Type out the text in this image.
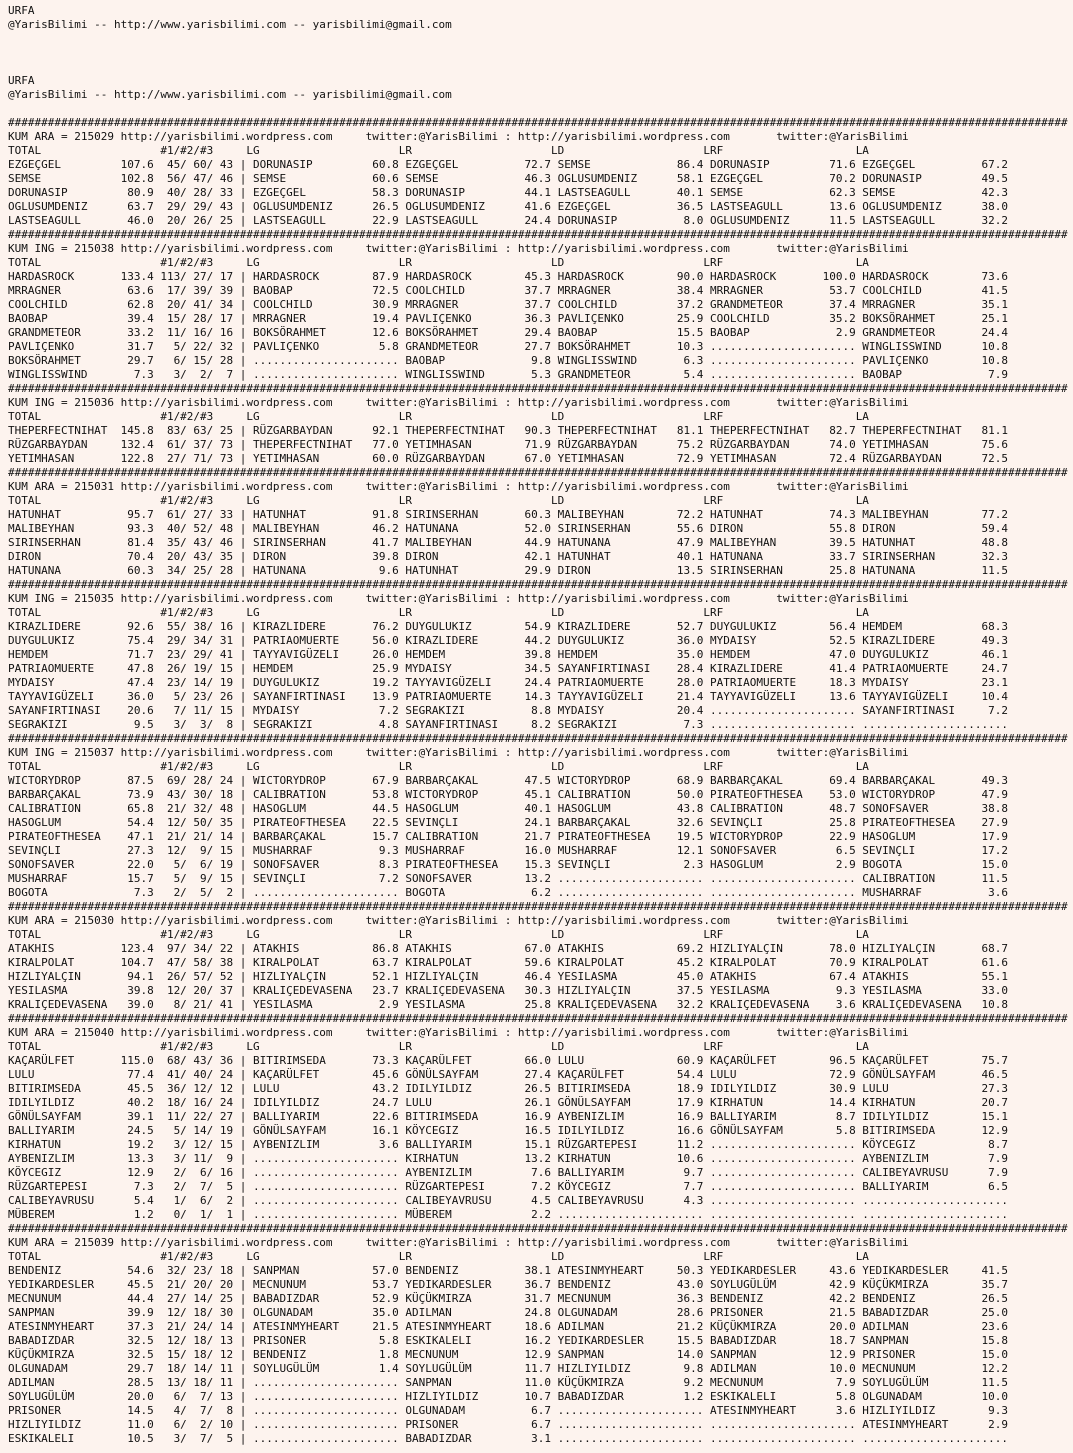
URFA
@YarisBilimi -- http://www.yarisbilimi.com -- yarisbilimi@gmail.com
URFA
@YarisBilimi -- http://www.yarisbilimi.com -- yarisbilimi@gmail.com
################################################################################################################################################################
KUM ARA = 215029 http://yarisbilimi.wordpress.com     twitter:@YarisBilimi : http://yarisbilimi.wordpress.com       twitter:@YarisBilimi
TOTAL                  #1/#2/#3     LG                     LR                     LD                     LRF                    LA
EZGEÇGEL         107.6  45/ 60/ 43 | DORUNASIP         60.8 EZGEÇGEL          72.7 SEMSE             86.4 DORUNASIP         71.6 EZGEÇGEL          67.2
SEMSE            102.8  56/ 47/ 46 | SEMSE             60.6 SEMSE             46.3 OGLUSUMDENIZ      58.1 EZGEÇGEL          70.2 DORUNASIP         49.5
DORUNASIP         80.9  40/ 28/ 33 | EZGEÇGEL          58.3 DORUNASIP         44.1 LASTSEAGULL       40.1 SEMSE             62.3 SEMSE             42.3
OGLUSUMDENIZ      63.7  29/ 29/ 43 | OGLUSUMDENIZ      26.5 OGLUSUMDENIZ      41.6 EZGEÇGEL          36.5 LASTSEAGULL       13.6 OGLUSUMDENIZ      38.0
LASTSEAGULL       46.0  20/ 26/ 25 | LASTSEAGULL       22.9 LASTSEAGULL       24.4 DORUNASIP          8.0 OGLUSUMDENIZ      11.5 LASTSEAGULL       32.2
################################################################################################################################################################
KUM ING = 215038 http://yarisbilimi.wordpress.com     twitter:@YarisBilimi : http://yarisbilimi.wordpress.com       twitter:@YarisBilimi
TOTAL                  #1/#2/#3     LG                     LR                     LD                     LRF                    LA
HARDASROCK       133.4 113/ 27/ 17 | HARDASROCK        87.9 HARDASROCK        45.3 HARDASROCK        90.0 HARDASROCK       100.0 HARDASROCK        73.6
MRRAGNER          63.6  17/ 39/ 39 | BAOBAP            72.5 COOLCHILD         37.7 MRRAGNER          38.4 MRRAGNER          53.7 COOLCHILD         41.5
COOLCHILD         62.8  20/ 41/ 34 | COOLCHILD         30.9 MRRAGNER          37.7 COOLCHILD         37.2 GRANDMETEOR       37.4 MRRAGNER          35.1
BAOBAP            39.4  15/ 28/ 17 | MRRAGNER          19.4 PAVLIÇENKO        36.3 PAVLIÇENKO        25.9 COOLCHILD         35.2 BOKSÖRAHMET       25.1
GRANDMETEOR       33.2  11/ 16/ 16 | BOKSÖRAHMET       12.6 BOKSÖRAHMET       29.4 BAOBAP            15.5 BAOBAP             2.9 GRANDMETEOR       24.4
PAVLIÇENKO        31.7   5/ 22/ 32 | PAVLIÇENKO         5.8 GRANDMETEOR       27.7 BOKSÖRAHMET       10.3 ...................... WINGLISSWIND      10.8
BOKSÖRAHMET       29.7   6/ 15/ 28 | ...................... BAOBAP             9.8 WINGLISSWIND       6.3 ...................... PAVLIÇENKO        10.8
WINGLISSWIND       7.3   3/  2/  7 | ...................... WINGLISSWIND       5.3 GRANDMETEOR        5.4 ...................... BAOBAP             7.9
################################################################################################################################################################
KUM ING = 215036 http://yarisbilimi.wordpress.com     twitter:@YarisBilimi : http://yarisbilimi.wordpress.com       twitter:@YarisBilimi
TOTAL                  #1/#2/#3     LG                     LR                     LD                     LRF                    LA
THEPERFECTNIHAT  145.8  83/ 63/ 25 | RÜZGARBAYDAN      92.1 THEPERFECTNIHAT   90.3 THEPERFECTNIHAT   81.1 THEPERFECTNIHAT   82.7 THEPERFECTNIHAT   81.1
RÜZGARBAYDAN     132.4  61/ 37/ 73 | THEPERFECTNIHAT   77.0 YETIMHASAN        71.9 RÜZGARBAYDAN      75.2 RÜZGARBAYDAN      74.0 YETIMHASAN        75.6
YETIMHASAN       122.8  27/ 71/ 73 | YETIMHASAN        60.0 RÜZGARBAYDAN      67.0 YETIMHASAN        72.9 YETIMHASAN        72.4 RÜZGARBAYDAN      72.5
################################################################################################################################################################
KUM ARA = 215031 http://yarisbilimi.wordpress.com     twitter:@YarisBilimi : http://yarisbilimi.wordpress.com       twitter:@YarisBilimi
TOTAL                  #1/#2/#3     LG                     LR                     LD                     LRF                    LA
HATUNHAT          95.7  61/ 27/ 33 | HATUNHAT          91.8 SIRINSERHAN       60.3 MALIBEYHAN        72.2 HATUNHAT          74.3 MALIBEYHAN        77.2
MALIBEYHAN        93.3  40/ 52/ 48 | MALIBEYHAN        46.2 HATUNANA          52.0 SIRINSERHAN       55.6 DIRON             55.8 DIRON             59.4
SIRINSERHAN       81.4  35/ 43/ 46 | SIRINSERHAN       41.7 MALIBEYHAN        44.9 HATUNANA          47.9 MALIBEYHAN        39.5 HATUNHAT          48.8
DIRON             70.4  20/ 43/ 35 | DIRON             39.8 DIRON             42.1 HATUNHAT          40.1 HATUNANA          33.7 SIRINSERHAN       32.3
HATUNANA          60.3  34/ 25/ 28 | HATUNANA           9.6 HATUNHAT          29.9 DIRON             13.5 SIRINSERHAN       25.8 HATUNANA          11.5
################################################################################################################################################################
KUM ING = 215035 http://yarisbilimi.wordpress.com     twitter:@YarisBilimi : http://yarisbilimi.wordpress.com       twitter:@YarisBilimi
TOTAL                  #1/#2/#3     LG                     LR                     LD                     LRF                    LA
KIRAZLIDERE       92.6  55/ 38/ 16 | KIRAZLIDERE       76.2 DUYGULUKIZ        54.9 KIRAZLIDERE       52.7 DUYGULUKIZ        56.4 HEMDEM            68.3
DUYGULUKIZ        75.4  29/ 34/ 31 | PATRIAOMUERTE     56.0 KIRAZLIDERE       44.2 DUYGULUKIZ        36.0 MYDAISY           52.5 KIRAZLIDERE       49.3
HEMDEM            71.7  23/ 29/ 41 | TAYYAVIGÜZELI     26.0 HEMDEM            39.8 HEMDEM            35.0 HEMDEM            47.0 DUYGULUKIZ        46.1
PATRIAOMUERTE     47.8  26/ 19/ 15 | HEMDEM            25.9 MYDAISY           34.5 SAYANFIRTINASI    28.4 KIRAZLIDERE       41.4 PATRIAOMUERTE     24.7
MYDAISY           47.4  23/ 14/ 19 | DUYGULUKIZ        19.2 TAYYAVIGÜZELI     24.4 PATRIAOMUERTE     28.0 PATRIAOMUERTE     18.3 MYDAISY           23.1
TAYYAVIGÜZELI     36.0   5/ 23/ 26 | SAYANFIRTINASI    13.9 PATRIAOMUERTE     14.3 TAYYAVIGÜZELI     21.4 TAYYAVIGÜZELI     13.6 TAYYAVIGÜZELI     10.4
SAYANFIRTINASI    20.6   7/ 11/ 15 | MYDAISY            7.2 SEGRAKIZI          8.8 MYDAISY           20.4 ...................... SAYANFIRTINASI     7.2
SEGRAKIZI          9.5   3/  3/  8 | SEGRAKIZI          4.8 SAYANFIRTINASI     8.2 SEGRAKIZI          7.3 ...................... ......................
################################################################################################################################################################
KUM ING = 215037 http://yarisbilimi.wordpress.com     twitter:@YarisBilimi : http://yarisbilimi.wordpress.com       twitter:@YarisBilimi
TOTAL                  #1/#2/#3     LG                     LR                     LD                     LRF                    LA
WICTORYDROP       87.5  69/ 28/ 24 | WICTORYDROP       67.9 BARBARÇAKAL       47.5 WICTORYDROP       68.9 BARBARÇAKAL       69.4 BARBARÇAKAL       49.3
BARBARÇAKAL       73.9  43/ 30/ 18 | CALIBRATION       53.8 WICTORYDROP       45.1 CALIBRATION       50.0 PIRATEOFTHESEA    53.0 WICTORYDROP       47.9
CALIBRATION       65.8  21/ 32/ 48 | HASOGLUM          44.5 HASOGLUM          40.1 HASOGLUM          43.8 CALIBRATION       48.7 SONOFSAVER        38.8
HASOGLUM          54.4  12/ 50/ 35 | PIRATEOFTHESEA    22.5 SEVINÇLI          24.1 BARBARÇAKAL       32.6 SEVINÇLI          25.8 PIRATEOFTHESEA    27.9
PIRATEOFTHESEA    47.1  21/ 21/ 14 | BARBARÇAKAL       15.7 CALIBRATION       21.7 PIRATEOFTHESEA    19.5 WICTORYDROP       22.9 HASOGLUM          17.9
SEVINÇLI          27.3  12/  9/ 15 | MUSHARRAF          9.3 MUSHARRAF         16.0 MUSHARRAF         12.1 SONOFSAVER         6.5 SEVINÇLI          17.2
SONOFSAVER        22.0   5/  6/ 19 | SONOFSAVER         8.3 PIRATEOFTHESEA    15.3 SEVINÇLI           2.3 HASOGLUM           2.9 BOGOTA            15.0
MUSHARRAF         15.7   5/  9/ 15 | SEVINÇLI           7.2 SONOFSAVER        13.2 ...................... ...................... CALIBRATION       11.5
BOGOTA             7.3   2/  5/  2 | ...................... BOGOTA             6.2 ...................... ...................... MUSHARRAF          3.6
################################################################################################################################################################
KUM ARA = 215030 http://yarisbilimi.wordpress.com     twitter:@YarisBilimi : http://yarisbilimi.wordpress.com       twitter:@YarisBilimi
TOTAL                  #1/#2/#3     LG                     LR                     LD                     LRF                    LA
ATAKHIS          123.4  97/ 34/ 22 | ATAKHIS           86.8 ATAKHIS           67.0 ATAKHIS           69.2 HIZLIYALÇIN       78.0 HIZLIYALÇIN       68.7
KIRALPOLAT       104.7  47/ 58/ 38 | KIRALPOLAT        63.7 KIRALPOLAT        59.6 KIRALPOLAT        45.2 KIRALPOLAT        70.9 KIRALPOLAT        61.6
HIZLIYALÇIN       94.1  26/ 57/ 52 | HIZLIYALÇIN       52.1 HIZLIYALÇIN       46.4 YESILASMA         45.0 ATAKHIS           67.4 ATAKHIS           55.1
YESILASMA         39.8  12/ 20/ 37 | KRALIÇEDEVASENA   23.7 KRALIÇEDEVASENA   30.3 HIZLIYALÇIN       37.5 YESILASMA          9.3 YESILASMA         33.0
KRALIÇEDEVASENA   39.0   8/ 21/ 41 | YESILASMA          2.9 YESILASMA         25.8 KRALIÇEDEVASENA   32.2 KRALIÇEDEVASENA    3.6 KRALIÇEDEVASENA   10.8
################################################################################################################################################################
KUM ARA = 215040 http://yarisbilimi.wordpress.com     twitter:@YarisBilimi : http://yarisbilimi.wordpress.com       twitter:@YarisBilimi
TOTAL                  #1/#2/#3     LG                     LR                     LD                     LRF                    LA
KAÇARÜLFET       115.0  68/ 43/ 36 | BITIRIMSEDA       73.3 KAÇARÜLFET        66.0 LULU              60.9 KAÇARÜLFET        96.5 KAÇARÜLFET        75.7
LULU              77.4  41/ 40/ 24 | KAÇARÜLFET        45.6 GÖNÜLSAYFAM       27.4 KAÇARÜLFET        54.4 LULU              72.9 GÖNÜLSAYFAM       46.5
BITIRIMSEDA       45.5  36/ 12/ 12 | LULU              43.2 IDILYILDIZ        26.5 BITIRIMSEDA       18.9 IDILYILDIZ        30.9 LULU              27.3
IDILYILDIZ        40.2  18/ 16/ 24 | IDILYILDIZ        24.7 LULU              26.1 GÖNÜLSAYFAM       17.9 KIRHATUN          14.4 KIRHATUN          20.7
GÖNÜLSAYFAM       39.1  11/ 22/ 27 | BALLIYARIM        22.6 BITIRIMSEDA       16.9 AYBENIZLIM        16.9 BALLIYARIM         8.7 IDILYILDIZ        15.1
BALLIYARIM        24.5   5/ 14/ 19 | GÖNÜLSAYFAM       16.1 KÖYCEGIZ          16.5 IDILYILDIZ        16.6 GÖNÜLSAYFAM        5.8 BITIRIMSEDA       12.9
KIRHATUN          19.2   3/ 12/ 15 | AYBENIZLIM         3.6 BALLIYARIM        15.1 RÜZGARTEPESI      11.2 ...................... KÖYCEGIZ           8.7
AYBENIZLIM        13.3   3/ 11/  9 | ...................... KIRHATUN          13.2 KIRHATUN          10.6 ...................... AYBENIZLIM         7.9
KÖYCEGIZ          12.9   2/  6/ 16 | ...................... AYBENIZLIM         7.6 BALLIYARIM         9.7 ...................... CALIBEYAVRUSU      7.9
RÜZGARTEPESI       7.3   2/  7/  5 | ...................... RÜZGARTEPESI       7.2 KÖYCEGIZ           7.7 ...................... BALLIYARIM         6.5
CALIBEYAVRUSU      5.4   1/  6/  2 | ...................... CALIBEYAVRUSU      4.5 CALIBEYAVRUSU      4.3 ...................... ......................
MÜBEREM            1.2   0/  1/  1 | ...................... MÜBEREM            2.2 ...................... ...................... ......................
################################################################################################################################################################
KUM ARA = 215039 http://yarisbilimi.wordpress.com     twitter:@YarisBilimi : http://yarisbilimi.wordpress.com       twitter:@YarisBilimi
TOTAL                  #1/#2/#3     LG                     LR                     LD                     LRF                    LA
BENDENIZ          54.6  32/ 23/ 18 | SANPMAN           57.0 BENDENIZ          38.1 ATESINMYHEART     50.3 YEDIKARDESLER     43.6 YEDIKARDESLER     41.5
YEDIKARDESLER     45.5  21/ 20/ 20 | MECNUNUM          53.7 YEDIKARDESLER     36.7 BENDENIZ          43.0 SOYLUGÜLÜM        42.9 KÜÇÜKMIRZA        35.7
MECNUNUM          44.4  27/ 14/ 25 | BABADIZDAR        52.9 KÜÇÜKMIRZA        31.7 MECNUNUM          36.3 BENDENIZ          42.2 BENDENIZ          26.5
SANPMAN           39.9  12/ 18/ 30 | OLGUNADAM         35.0 ADILMAN           24.8 OLGUNADAM         28.6 PRISONER          21.5 BABADIZDAR        25.0
ATESINMYHEART     37.3  21/ 24/ 14 | ATESINMYHEART     21.5 ATESINMYHEART     18.6 ADILMAN           21.2 KÜÇÜKMIRZA        20.0 ADILMAN           23.6
BABADIZDAR        32.5  12/ 18/ 13 | PRISONER           5.8 ESKIKALELI        16.2 YEDIKARDESLER     15.5 BABADIZDAR        18.7 SANPMAN           15.8
KÜÇÜKMIRZA        32.5  15/ 18/ 12 | BENDENIZ           1.8 MECNUNUM          12.9 SANPMAN           14.0 SANPMAN           12.9 PRISONER          15.0
OLGUNADAM         29.7  18/ 14/ 11 | SOYLUGÜLÜM         1.4 SOYLUGÜLÜM        11.7 HIZLIYILDIZ        9.8 ADILMAN           10.0 MECNUNUM          12.2
ADILMAN           28.5  13/ 18/ 11 | ...................... SANPMAN           11.0 KÜÇÜKMIRZA         9.2 MECNUNUM           7.9 SOYLUGÜLÜM        11.5
SOYLUGÜLÜM        20.0   6/  7/ 13 | ...................... HIZLIYILDIZ       10.7 BABADIZDAR         1.2 ESKIKALELI         5.8 OLGUNADAM         10.0
PRISONER          14.5   4/  7/  8 | ...................... OLGUNADAM          6.7 ...................... ATESINMYHEART      3.6 HIZLIYILDIZ        9.3
HIZLIYILDIZ       11.0   6/  2/ 10 | ...................... PRISONER           6.7 ...................... ...................... ATESINMYHEART      2.9
ESKIKALELI        10.5   3/  7/  5 | ...................... BABADIZDAR         3.1 ...................... ...................... ......................
